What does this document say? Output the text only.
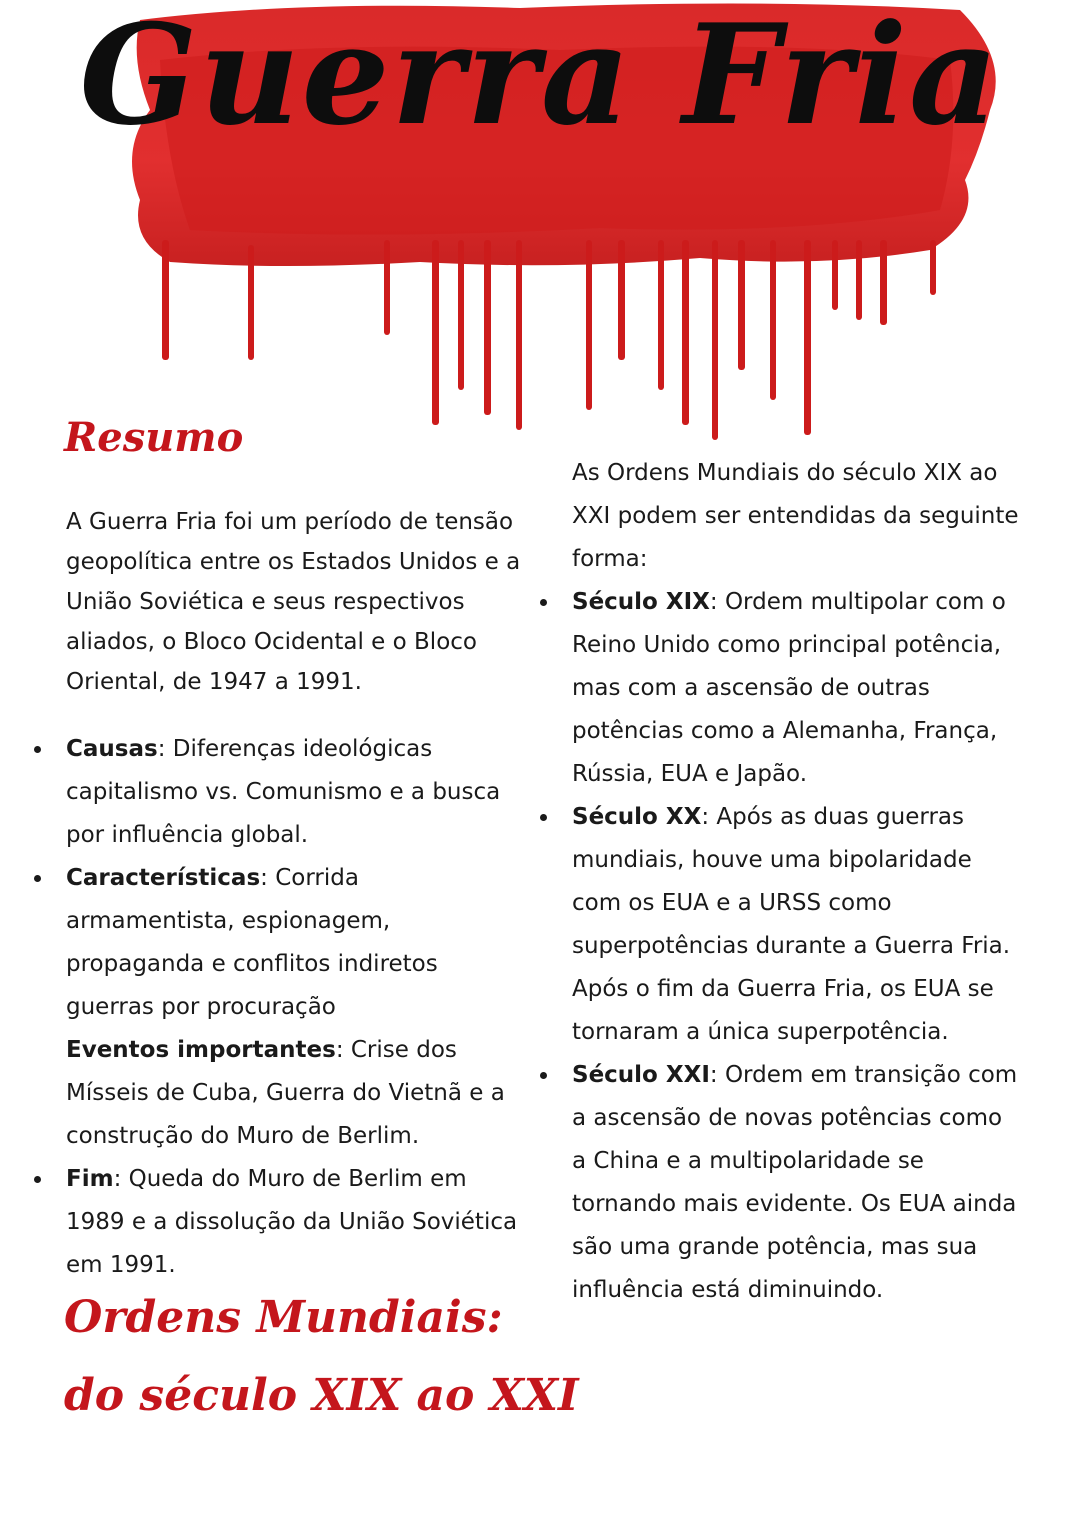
Guerra Fria
Resumo

A Guerra Fria foi um período de tensão geopolítica entre os Estados Unidos e a União Soviética e seus respectivos aliados, o Bloco Ocidental e o Bloco Oriental, de 1947 a 1991.

Causas: Diferenças ideológicas capitalismo vs. Comunismo e a busca por influência global.
Características: Corrida armamentista, espionagem, propaganda e conflitos indiretos guerras por procuração
Eventos importantes: Crise dos Mísseis de Cuba, Guerra do Vietnã e a construção do Muro de Berlim.
Fim: Queda do Muro de Berlim em 1989 e a dissolução da União Soviética em 1991.
Ordens Mundiais:
do século XIX ao XXI

As Ordens Mundiais do século XIX ao XXI podem ser entendidas da seguinte forma:

Século XIX: Ordem multipolar com o Reino Unido como principal potência, mas com a ascensão de outras potências como a Alemanha, França, Rússia, EUA e Japão.
Século XX: Após as duas guerras mundiais, houve uma bipolaridade com os EUA e a URSS como superpotências durante a Guerra Fria. Após o fim da Guerra Fria, os EUA se tornaram a única superpotência.
Século XXI: Ordem em transição com a ascensão de novas potências como a China e a multipolaridade se tornando mais evidente. Os EUA ainda são uma grande potência, mas sua influência está diminuindo.
